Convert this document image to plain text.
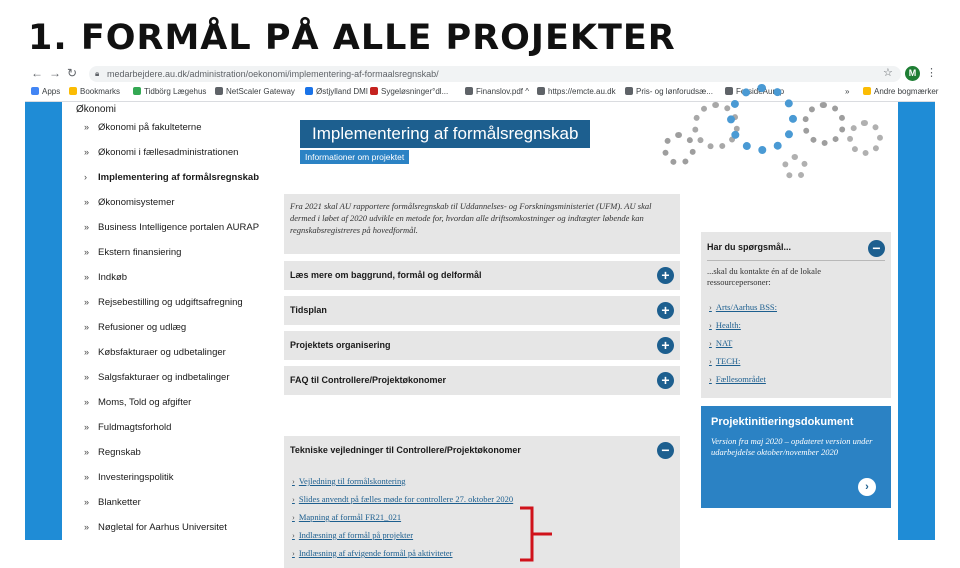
1. FORMÅL PÅ ALLE PROJEKTER
← → ↻ 🔒︎ medarbejdere.au.dk/administration/oekonomi/implementering-af-formaalsregnskab/	☆	M ⋮
Apps	Bookmarks	Tidbörg Lægehus	NetScaler Gateway	Østjylland DMI	Sygeløsninger°dl...	Finanslov.pdf ^	https://emcte.au.dk	Pris- og lønforudsæ...	ForsideAurap	»	Andre bogmærker
Økonomi
» Økonomi på fakulteterne
» Økonomi i fællesadministrationen
› Implementering af formålsregnskab
» Økonomisystemer
» Business Intelligence portalen AURAP
» Ekstern finansiering
» Indkøb
» Rejsebestilling og udgiftsafregning
» Refusioner og udlæg
» Købsfakturaer og udbetalinger
» Salgsfakturaer og indbetalinger
» Moms, Told og afgifter
» Fuldmagtsforhold
» Regnskab
» Investeringspolitik
» Blanketter
» Nøgletal for Aarhus Universitet
Implementering af formålsregnskab
Informationer om projektet
Fra 2021 skal AU rapportere formålsregnskab til Uddannelses- og Forskningsministeriet (UFM). AU skal dermed i løbet af 2020 udvikle en metode for, hvordan alle driftsomkostninger og indtægter løbende kan regnskabsregistreres på hovedformål.
Læs mere om baggrund, formål og delformål	+
Tidsplan	+
Projektets organisering	+
FAQ til Controllere/Projektøkonomer	+
Tekniske vejledninger til Controllere/Projektøkonomer	−
› Vejledning til formålskontering
› Slides anvendt på fælles møde for controllere 27. oktober 2020
› Mapning af formål FR21_021
› Indlæsning af formål på projekter
› Indlæsning af afvigende formål på aktiviteter
Har du spørgsmål...	−
...skal du kontakte én af de lokale ressourcepersoner:
› Arts/Aarhus BSS:
› Health:
› NAT
› TECH:
› Fællesområdet
Projektinitieringsdokument
Version fra maj 2020 – opdateret version under udarbejdelse oktober/november 2020
›
